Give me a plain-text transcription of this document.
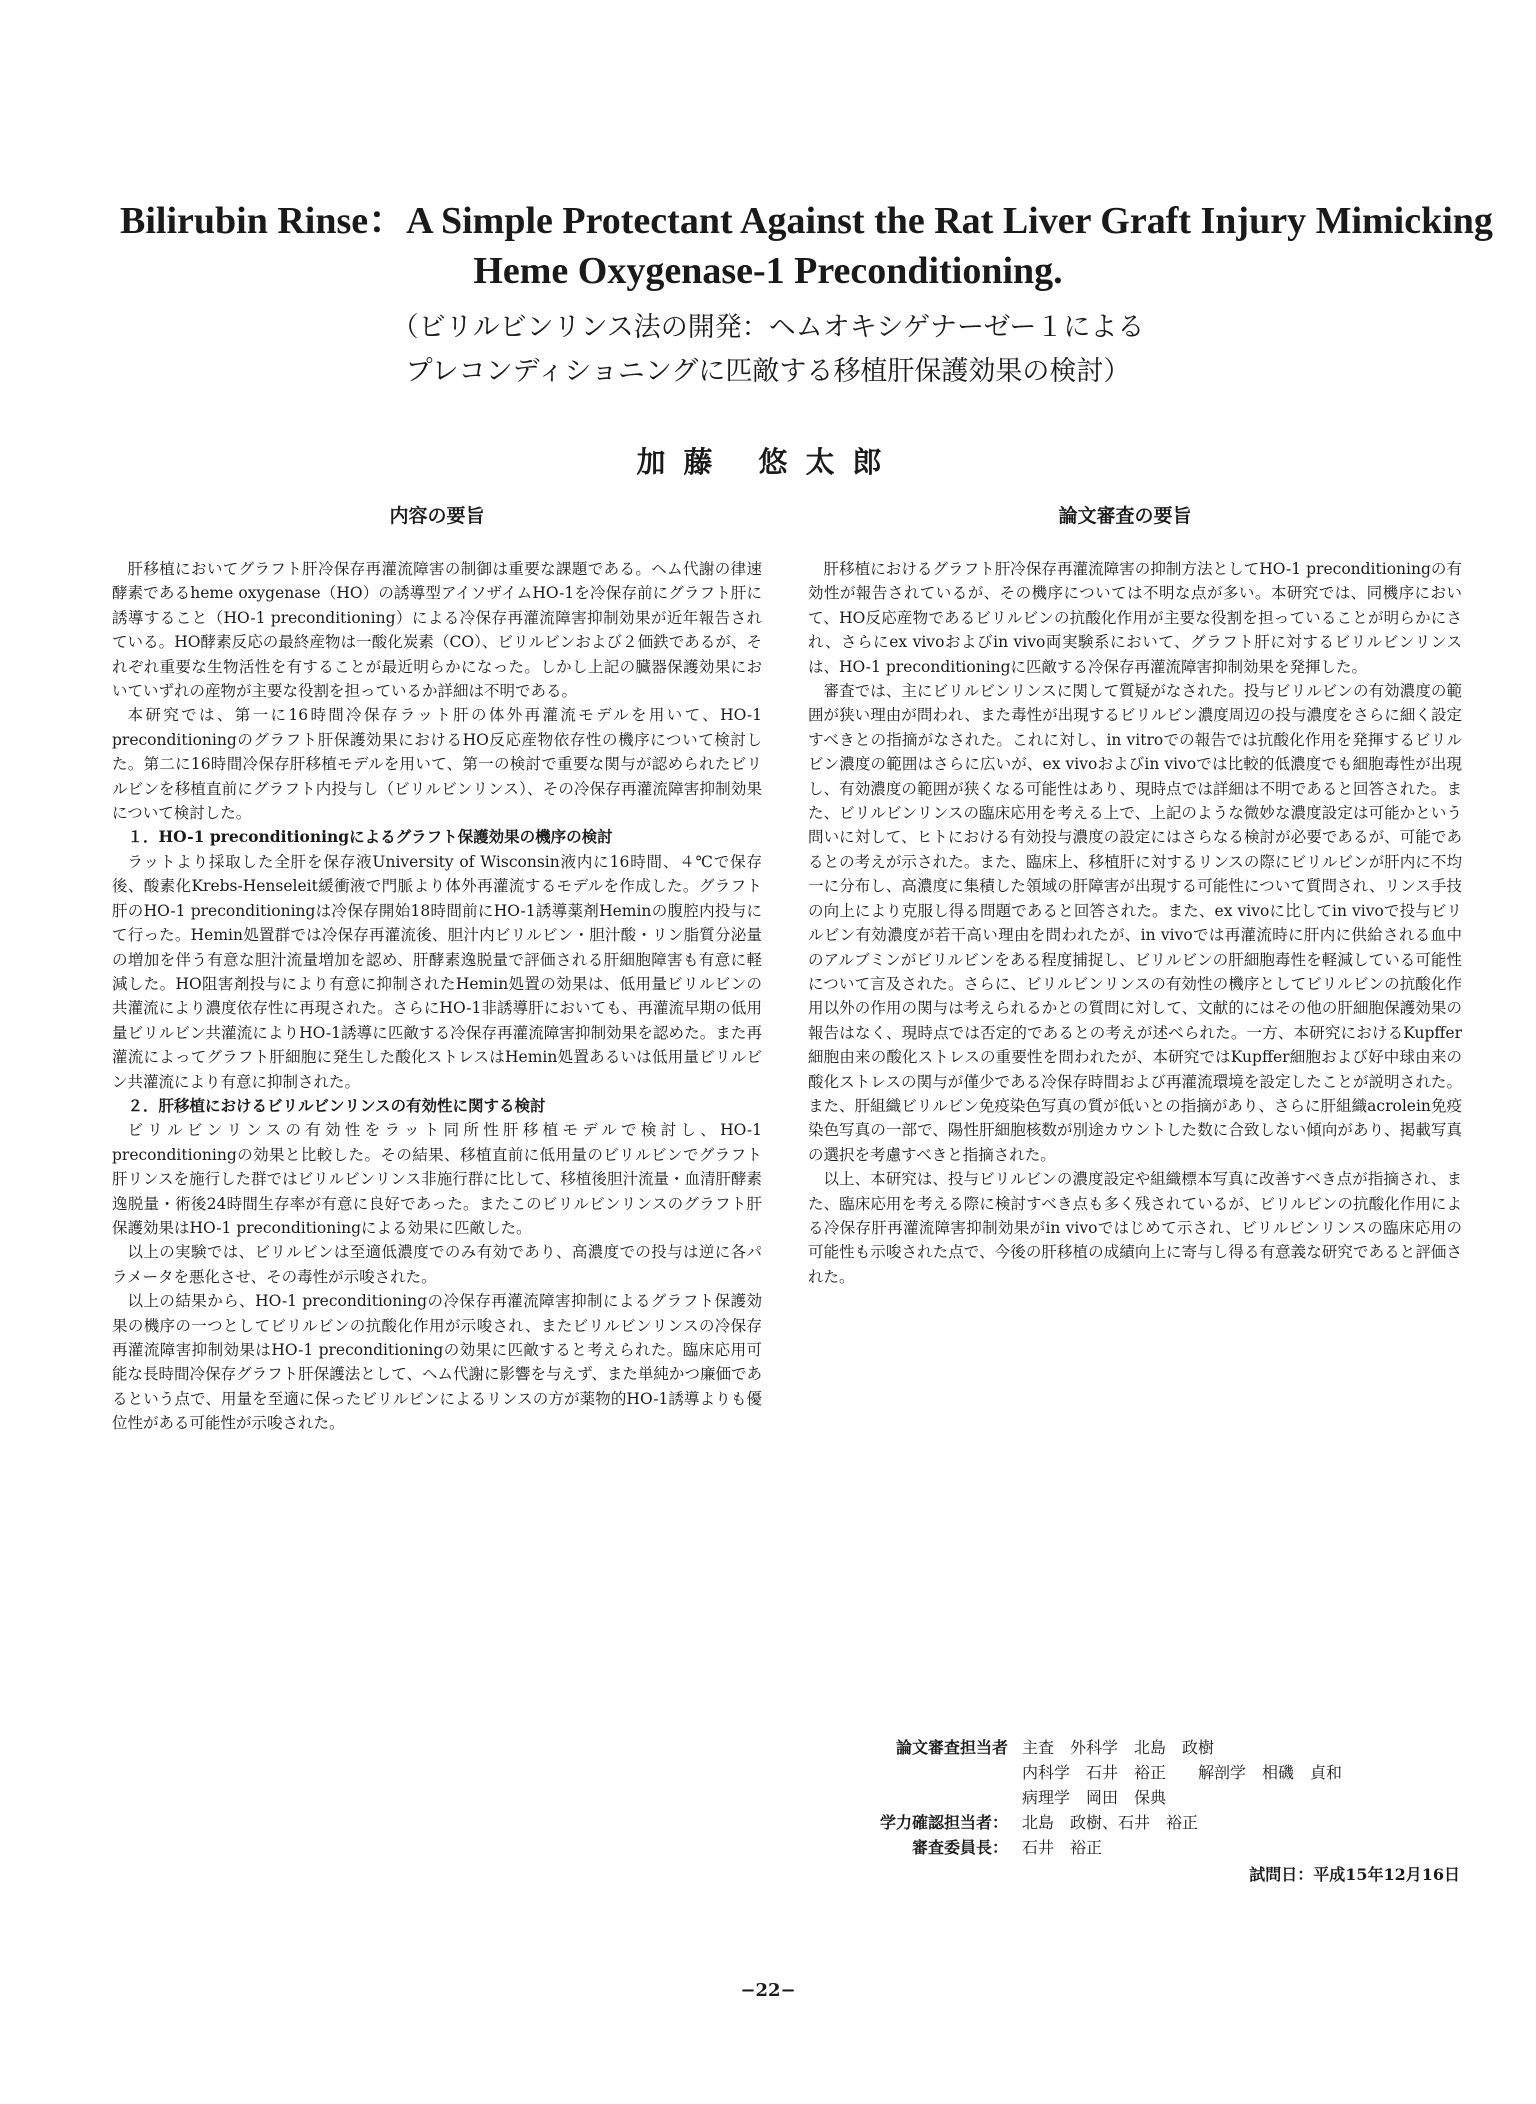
Bilirubin Rinse：A Simple Protectant Against the Rat Liver Graft Injury Mimicking
Heme Oxygenase-1 Preconditioning.
（ビリルビンリンス法の開発：ヘムオキシゲナーゼー１による
プレコンディショニングに匹敵する移植肝保護効果の検討）
加藤 悠太郎
内容の要旨	論文審査の要旨

肝移植においてグラフト肝冷保存再灌流障害の制御は重要な課題である。ヘム代謝の律速酵素であるheme oxygenase（HO）の誘導型アイソザイムHO-1を冷保存前にグラフト肝に誘導すること（HO-1 preconditioning）による冷保存再灌流障害抑制効果が近年報告されている。HO酵素反応の最終産物は一酸化炭素（CO）、ビリルビンおよび２価鉄であるが、それぞれ重要な生物活性を有することが最近明らかになった。しかし上記の臓器保護効果においていずれの産物が主要な役割を担っているか詳細は不明である。

本研究では、第一に16時間冷保存ラット肝の体外再灌流モデルを用いて、HO-1 preconditioningのグラフト肝保護効果におけるHO反応産物依存性の機序について検討した。第二に16時間冷保存肝移植モデルを用いて、第一の検討で重要な関与が認められたビリルビンを移植直前にグラフト内投与し（ビリルビンリンス）、その冷保存再灌流障害抑制効果について検討した。

１．HO-1 preconditioningによるグラフト保護効果の機序の検討

ラットより採取した全肝を保存液University of Wisconsin液内に16時間、４℃で保存後、酸素化Krebs-Henseleit緩衝液で門脈より体外再灌流するモデルを作成した。グラフト肝のHO-1 preconditioningは冷保存開始18時間前にHO-1誘導薬剤Heminの腹腔内投与にて行った。Hemin処置群では冷保存再灌流後、胆汁内ビリルビン・胆汁酸・リン脂質分泌量の増加を伴う有意な胆汁流量増加を認め、肝酵素逸脱量で評価される肝細胞障害も有意に軽減した。HO阻害剤投与により有意に抑制されたHemin処置の効果は、低用量ビリルビンの共灌流により濃度依存性に再現された。さらにHO-1非誘導肝においても、再灌流早期の低用量ビリルビン共灌流によりHO-1誘導に匹敵する冷保存再灌流障害抑制効果を認めた。また再灌流によってグラフト肝細胞に発生した酸化ストレスはHemin処置あるいは低用量ビリルビン共灌流により有意に抑制された。

２．肝移植におけるビリルビンリンスの有効性に関する検討

ビリルビンリンスの有効性をラット同所性肝移植モデルで検討し、HO-1 preconditioningの効果と比較した。その結果、移植直前に低用量のビリルビンでグラフト肝リンスを施行した群ではビリルビンリンス非施行群に比して、移植後胆汁流量・血清肝酵素逸脱量・術後24時間生存率が有意に良好であった。またこのビリルビンリンスのグラフト肝保護効果はHO-1 preconditioningによる効果に匹敵した。

以上の実験では、ビリルビンは至適低濃度でのみ有効であり、高濃度での投与は逆に各パラメータを悪化させ、その毒性が示唆された。

以上の結果から、HO-1 preconditioningの冷保存再灌流障害抑制によるグラフト保護効果の機序の一つとしてビリルビンの抗酸化作用が示唆され、またビリルビンリンスの冷保存再灌流障害抑制効果はHO-1 preconditioningの効果に匹敵すると考えられた。臨床応用可能な長時間冷保存グラフト肝保護法として、ヘム代謝に影響を与えず、また単純かつ廉価であるという点で、用量を至適に保ったビリルビンによるリンスの方が薬物的HO-1誘導よりも優位性がある可能性が示唆された。

肝移植におけるグラフト肝冷保存再灌流障害の抑制方法としてHO-1 preconditioningの有効性が報告されているが、その機序については不明な点が多い。本研究では、同機序において、HO反応産物であるビリルビンの抗酸化作用が主要な役割を担っていることが明らかにされ、さらにex vivoおよびin vivo両実験系において、グラフト肝に対するビリルビンリンスは、HO-1 preconditioningに匹敵する冷保存再灌流障害抑制効果を発揮した。

審査では、主にビリルビンリンスに関して質疑がなされた。投与ビリルビンの有効濃度の範囲が狭い理由が問われ、また毒性が出現するビリルビン濃度周辺の投与濃度をさらに細く設定すべきとの指摘がなされた。これに対し、in vitroでの報告では抗酸化作用を発揮するビリルビン濃度の範囲はさらに広いが、ex vivoおよびin vivoでは比較的低濃度でも細胞毒性が出現し、有効濃度の範囲が狭くなる可能性はあり、現時点では詳細は不明であると回答された。また、ビリルビンリンスの臨床応用を考える上で、上記のような微妙な濃度設定は可能かという問いに対して、ヒトにおける有効投与濃度の設定にはさらなる検討が必要であるが、可能であるとの考えが示された。また、臨床上、移植肝に対するリンスの際にビリルビンが肝内に不均一に分布し、高濃度に集積した領域の肝障害が出現する可能性について質問され、リンス手技の向上により克服し得る問題であると回答された。また、ex vivoに比してin vivoで投与ビリルビン有効濃度が若干高い理由を問われたが、in vivoでは再灌流時に肝内に供給される血中のアルブミンがビリルビンをある程度捕捉し、ビリルビンの肝細胞毒性を軽減している可能性について言及された。さらに、ビリルビンリンスの有効性の機序としてビリルビンの抗酸化作用以外の作用の関与は考えられるかとの質問に対して、文献的にはその他の肝細胞保護効果の報告はなく、現時点では否定的であるとの考えが述べられた。一方、本研究におけるKupffer細胞由来の酸化ストレスの重要性を問われたが、本研究ではKupffer細胞および好中球由来の酸化ストレスの関与が僅少である冷保存時間および再灌流環境を設定したことが説明された。また、肝組織ビリルビン免疫染色写真の質が低いとの指摘があり、さらに肝組織acrolein免疫染色写真の一部で、陽性肝細胞核数が別途カウントした数に合致しない傾向があり、掲載写真の選択を考慮すべきと指摘された。

以上、本研究は、投与ビリルビンの濃度設定や組織標本写真に改善すべき点が指摘され、また、臨床応用を考える際に検討すべき点も多く残されているが、ビリルビンの抗酸化作用による冷保存肝再灌流障害抑制効果がin vivoではじめて示され、ビリルビンリンスの臨床応用の可能性も示唆された点で、今後の肝移植の成績向上に寄与し得る有意義な研究であると評価された。

論文審査担当者 主査　外科学　北島　政樹
内科学　石井　裕正　　解剖学　相磯　貞和
病理学　岡田　保典
学力確認担当者： 北島　政樹、石井　裕正
審査委員長： 石井　裕正
試問日：平成15年12月16日
−22−
